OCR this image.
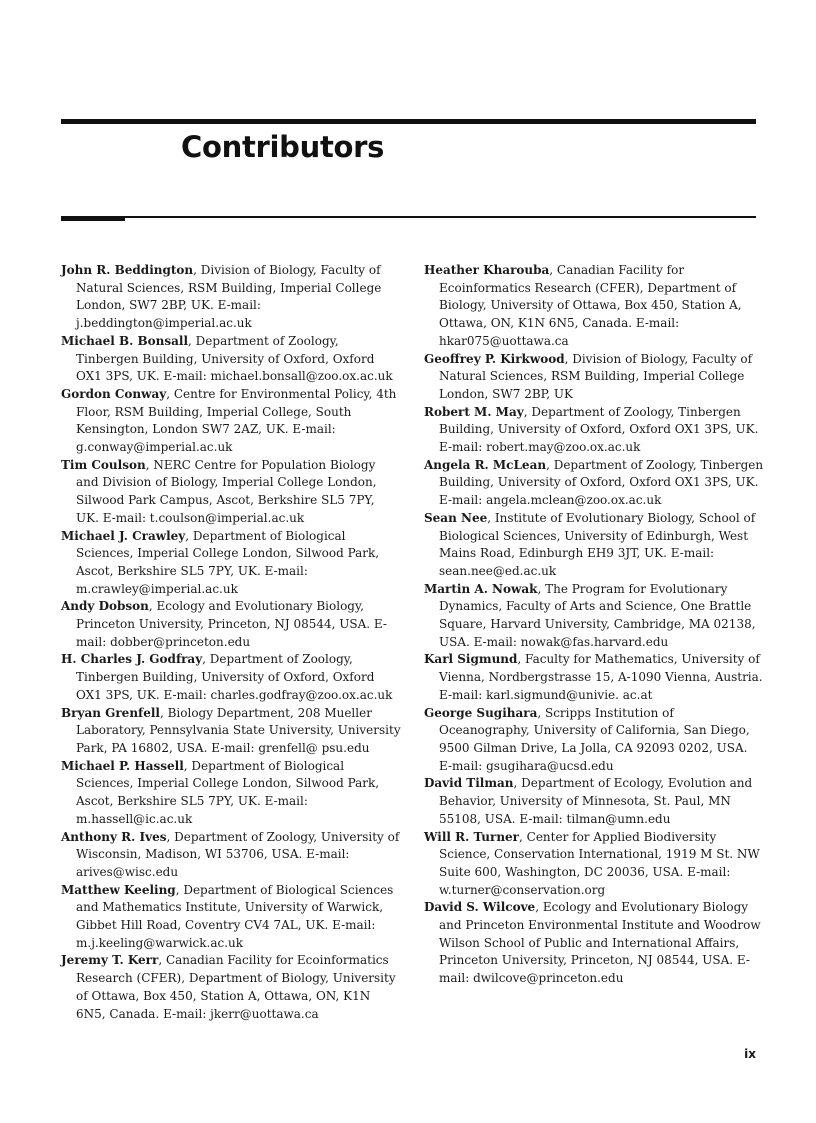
Contributors

John R. Beddington, Division of Biology, Faculty of Natural Sciences, RSM Building, Imperial College London, SW7 2BP, UK. E-mail: j.beddington@imperial.ac.uk

Michael B. Bonsall, Department of Zoology, Tinbergen Building, University of Oxford, Oxford OX1 3PS, UK. E-mail: michael.bonsall@zoo.ox.ac.uk

Gordon Conway, Centre for Environmental Policy, 4th Floor, RSM Building, Imperial College, South Kensington, London SW7 2AZ, UK. E-mail: g.conway@imperial.ac.uk

Tim Coulson, NERC Centre for Population Biology and Division of Biology, Imperial College London, Silwood Park Campus, Ascot, Berkshire SL5 7PY, UK. E-mail: t.coulson@imperial.ac.uk

Michael J. Crawley, Department of Biological Sciences, Imperial College London, Silwood Park, Ascot, Berkshire SL5 7PY, UK. E-mail: m.crawley@imperial.ac.uk

Andy Dobson, Ecology and Evolutionary Biology, Princeton University, Princeton, NJ 08544, USA. E-mail: dobber@princeton.edu

H. Charles J. Godfray, Department of Zoology, Tinbergen Building, University of Oxford, Oxford OX1 3PS, UK. E-mail: charles.godfray@zoo.ox.ac.uk

Bryan Grenfell, Biology Department, 208 Mueller Laboratory, Pennsylvania State University, University Park, PA 16802, USA. E-mail: grenfell@ psu.edu

Michael P. Hassell, Department of Biological Sciences, Imperial College London, Silwood Park, Ascot, Berkshire SL5 7PY, UK. E-mail: m.hassell@ic.ac.uk

Anthony R. Ives, Department of Zoology, University of Wisconsin, Madison, WI 53706, USA. E-mail: arives@wisc.edu

Matthew Keeling, Department of Biological Sciences and Mathematics Institute, University of Warwick, Gibbet Hill Road, Coventry CV4 7AL, UK. E-mail: m.j.keeling@warwick.ac.uk

Jeremy T. Kerr, Canadian Facility for Ecoinformatics Research (CFER), Department of Biology, University of Ottawa, Box 450, Station A, Ottawa, ON, K1N 6N5, Canada. E-mail: jkerr@uottawa.ca

Heather Kharouba, Canadian Facility for Ecoinformatics Research (CFER), Department of Biology, University of Ottawa, Box 450, Station A, Ottawa, ON, K1N 6N5, Canada. E-mail: hkar075@uottawa.ca

Geoffrey P. Kirkwood, Division of Biology, Faculty of Natural Sciences, RSM Building, Imperial College London, SW7 2BP, UK

Robert M. May, Department of Zoology, Tinbergen Building, University of Oxford, Oxford OX1 3PS, UK. E-mail: robert.may@zoo.ox.ac.uk

Angela R. McLean, Department of Zoology, Tinbergen Building, University of Oxford, Oxford OX1 3PS, UK. E-mail: angela.mclean@zoo.ox.ac.uk

Sean Nee, Institute of Evolutionary Biology, School of Biological Sciences, University of Edinburgh, West Mains Road, Edinburgh EH9 3JT, UK. E-mail: sean.nee@ed.ac.uk

Martin A. Nowak, The Program for Evolutionary Dynamics, Faculty of Arts and Science, One Brattle Square, Harvard University, Cambridge, MA 02138, USA. E-mail: nowak@fas.harvard.edu

Karl Sigmund, Faculty for Mathematics, University of Vienna, Nordbergstrasse 15, A-1090 Vienna, Austria. E-mail: karl.sigmund@univie. ac.at

George Sugihara, Scripps Institution of Oceanography, University of California, San Diego, 9500 Gilman Drive, La Jolla, CA 92093 0202, USA. E-mail: gsugihara@ucsd.edu

David Tilman, Department of Ecology, Evolution and Behavior, University of Minnesota, St. Paul, MN 55108, USA. E-mail: tilman@umn.edu

Will R. Turner, Center for Applied Biodiversity Science, Conservation International, 1919 M St. NW Suite 600, Washington, DC 20036, USA. E-mail: w.turner@conservation.org

David S. Wilcove, Ecology and Evolutionary Biology and Princeton Environmental Institute and Woodrow Wilson School of Public and International Affairs, Princeton University, Princeton, NJ 08544, USA. E-mail: dwilcove@princeton.edu

ix
